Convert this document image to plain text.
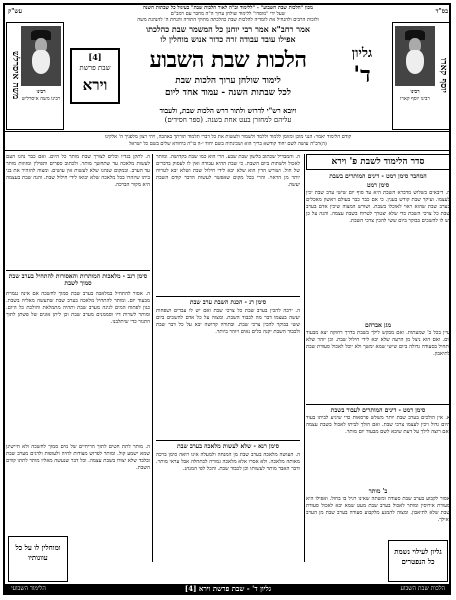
מכון "הלכות שבת השבוע" - "ללימוד וב"ה לאור הלכות שבת" בעיגול כל שבתות השנה
שעל ידי "מוסדו" ללימוד שולחן ערוך ה"ה מחבר עם רמב"ם
ולזכות הרבים ולהנחיל את לומדיה להלכות שבת כהלכתה מחוקי התורה והנחת ה' להנהגת משה
בס"ד
עש"ק
יוסף קארו
רבינו
רבינו יוסף קארו
משה איסרלש	רבינו
רבינו משה איסרליש
אמר רחב"א אמר רבי יוחנן כל המשמר שבת כהלכתו
אפילו עובד עבודה זרה כדור אנוש מוחלין לו
גליון
ד'
[4]
שבת פרשת
וירא
הלכות שבת השבוע
לימוד שולחן ערוך הלכות שבת
לכל שבתות השנה - עמוד אחד ליום
ויובא רש"י לדרוש ולתור דרש הלכות שבת, ולעבוד
עליהם למחזרן בעט אחת בשנה. (ספר חסידים)
קודם הלימוד יאמר: הנני מוכן ומזומן ללמוד וללמד ולשמור ולעשות את כל דברי תלמוד תורתך באהבה, ויהי רצון מלפניך ה' אלקינו
(ה)רב"ה עושה לשם יחוד קודשא בריך הוא ושכינתיה בשם יחוד י-ה בו"ה ביחודא שלים בשם כל ישראל
סדר הלימוד לשבת פ' וירא
המחבר סימן רמט - דינים המותרים בשבת
סימן רמט
ה. דיבאים בשלוש מדברא השבת היא עד סוף יום שישי ערב שבת יכין לעצמו. ועיקר שבת קודש בענין. כי אם כבר כבר בעולם ראשון מאכלים בערב שבת שהוא ראוי לאוכלו בשבת. ושורש המצוה שיכין אדם בערב שבת כל צרכי השבת כדי שלא יצטרך לטרוח בשבת עצמה. והנה על כן יש לו להשכים בבוקר ביום ששי להכין צרכי השבת.
מגן אברהם
עיין בכל ב' שמעתות. ואם מבקש לילך בשבת בדרך רחוקה יצא מבעוד יום. ואם הוא ניצל מן הרעה שלא יבא לידי חילול שבת. וכן יזהר שלא יתחיל בסעודה גדולה ביום שישי שמא ימשך ולא יוכל לאכול סעודת שבת לתיאבון.
סימן רמט - דינים המותרים לעבור בשבת
א. אין הולכים בערב שבת יותר משלש פרסאות כדי שיגיע לביתו בעוד היום גדול ויכין לעצמו צרכי שבת. ואם הולך לביתו לאכול בשבת עצמה ואם רוצה לילך על דעת שיבא לשם מבעוד יום מותר.
ב' מותר
אסור לקבוע בערב שבת סעודה ומשתה שאינו רגיל בו בחול. ואפילו היא סעודת אירוסין ומותר לאכול בערב שבת מעט שמא יבא לאכול סעודת שבת שלא לתיאבון. ומצוה להמנע מלקבוע סעודה בערב שבת מן הערב ואילך.
ה. והמבדיל שכתוב בלשון שבת שבע. הרי הוא כמו שבת בקדושה. ומותר לאכול ולשתות ביום השבת. כי שבת ההיא עבודה ואין לו לעסוק בדברים של חול. ושורש הדין הוא שלא יבא לידי חילול שבת ושלא יבא לטרוח יותר מן הראוי. והרי בכל מקום שאפשר לעשות הדבר קודם השבת יעשה.
סימן רנ - הכנת השבת ערב שבת
ה. ירבה להכין בערב שבת כל צרכי שבת ואם יש לו עבדים ושפחות יעשה בעצמו דבר מה לכבוד השבת. ומצוה על כל אדם להשכים ביום ששי בבוקר להכין צרכי שבת. ובתורה קדושה יבא על כל דבר שבת ולכבוד השבת יקנה כלים נאים ויזהר ביותר.
סימן רנא - שלא לעשות מלאכה בערב שבת
ה. העושה מלאכה בערב שבת מן המנחה ולמעלה אינו רואה סימן ברכה מאותה מלאכה. ולא אסרו אלא מלאכה גמורה לכתחלה אבל עראי מותר. ודבר האבד מותר לעשותו וכן לכבוד שבת. והכל לפי המנהג.
ה. לתקן בגדיו וכלים לצורך שבת מותר כל היום. ואם כבר נהגו העם לעשות מלאכה עד שתחשך מותר. ולכתוב ספרים ותפילין ומזוזות מותר עד הערב. ובמקום שנהגו שלא לעשות אין עושים. ומצוה להזהיר את בני ביתו שיזהרו בכל מלאכה שלא יבואו לידי חילול שבת. והנה שבת בעצמה היא מקור הברכה.
סימן רנב - מלאכות המותרות והאסורות להתחיל בערב שבת סמוך לשבת
ה. אסור להתחיל במלאכה בערב שבת סמוך לחשכה אם אינה נגמרת מבעוד יום. ומותר להתחיל מלאכה בערב שבת שתעשה מאליה בשבת. כגון לפתוח המים לגינה מערב שבת ותהיה מתמלאת והולכת כל היום. ומותר לשרות דיו וסממנים מערב שבת וכן ליתן אונים של פשתן לתוך התנור כדי שיתלבנו.
ה. מותר לתת חטים לתוך הריחיים של מים סמוך לחשכה ולא חיישינן שמא ישמע קול. ומותר לפרוש מצודות לחיה ולעופות ולדגים מערב שבת ובלבד שלא יצודו בשבת עצמה. וכל דבר שנעשה מאליו מותר לתתו קודם השבת.
ומוחלין לו על כל עוונותיו
גליון לעילוי נשמת כל הנפטרים
גליון ד' - שבת פרשת וירא [4]	הלכות שבת השבוע
הלימוד השבועי
